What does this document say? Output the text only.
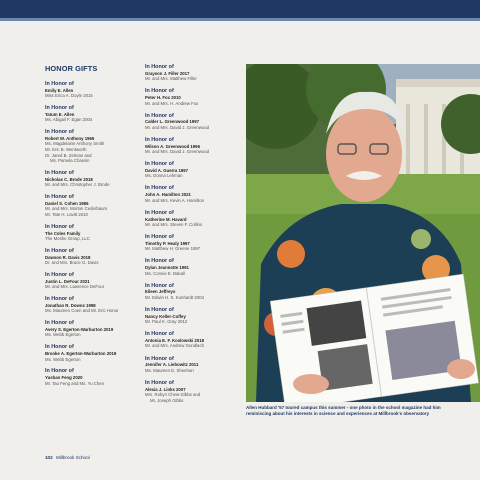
HONOR GIFTS
In Honor of
Emily E. Allen
Miss Erica A. Doyle 2015
In Honor of
Tatum E. Allen
Ms. Abigail F. Egan 2004
In Honor of
Robert W. Anthony 1965
Ms. Magdelaine Anthony Smith
Mr. Eric B. Wentworth
Dr. Jared B. Zelman and
Ms. Pamela Chassin
In Honor of
Nicholas C. Brode 2018
Mr. and Mrs. Christopher J. Brode
In Honor of
Daniel S. Cohen 1986
Mr. and Mrs. Morton Cederbaum
Mr. Tate H. Lavitt 2010
In Honor of
The Coles Family
The Moshe Group, LLC
In Honor of
Dawson R. Davis 2018
Dr. and Mrs. Bruce G. Davis
In Honor of
Justin L. DeFour 2021
Mr. and Mrs. Lawrence DeFour
In Honor of
Jonathan R. Downs 1998
Ms. Maureen Coen and Mr. Eric Honor
In Honor of
Avery S. Egerton-Warburton 2019
Ms. Webb Egerton
In Honor of
Brooke A. Egerton-Warburton 2019
Ms. Webb Egerton
In Honor of
Yushan Feng 2020
Mr. Tao Feng and Ms. Yu Chen
In Honor of
Grayson J. Filler 2017
Mr. and Mrs. Matthew Filler
In Honor of
Peter H. Fox 2010
Mr. and Mrs. H. Andrew Fox
In Honor of
Calder L. Greenwood 1997
Mr. and Mrs. David J. Greenwood
In Honor of
Wilson A. Greenwood 1996
Mr. and Mrs. David J. Greenwood
In Honor of
David A. Guerra 1997
Ms. Donna Lehman
In Honor of
John A. Hamilton 2021
Mr. and Mrs. Kevin A. Hamilton
In Honor of
Katherine M. Havard
Mr. and Mrs. Steven F. Collins
In Honor of
Timothy P. Healy 1997
Mr. Matthew H. Greene 1997
In Honor of
Dylan Jeannotte 1991
Ms. Connie E. Bakall
In Honor of
Eileen Jeffreys
Mr. Edwin H. S. Kunhardt 2004
In Honor of
Nancy Keller-Coffey
Mr. Paul K. Gray 2012
In Honor of
Antonia E. F. Koslowski 2018
Mr. and Mrs. Andrew Gundlach
In Honor of
Jennifer A. Liebowitz 2011
Ms. Maureen E. Sheehan
In Honor of
Alexia J. Links 2007
Mrs. Robyn Chew-Gibbs and
Mr. Joseph Gibbs
Allen Hubbard '57 toured campus this summer - one photo in the school magazine had him reminiscing about his interests in science and experiences at Millbrook's observatory
102 Millbrook School
